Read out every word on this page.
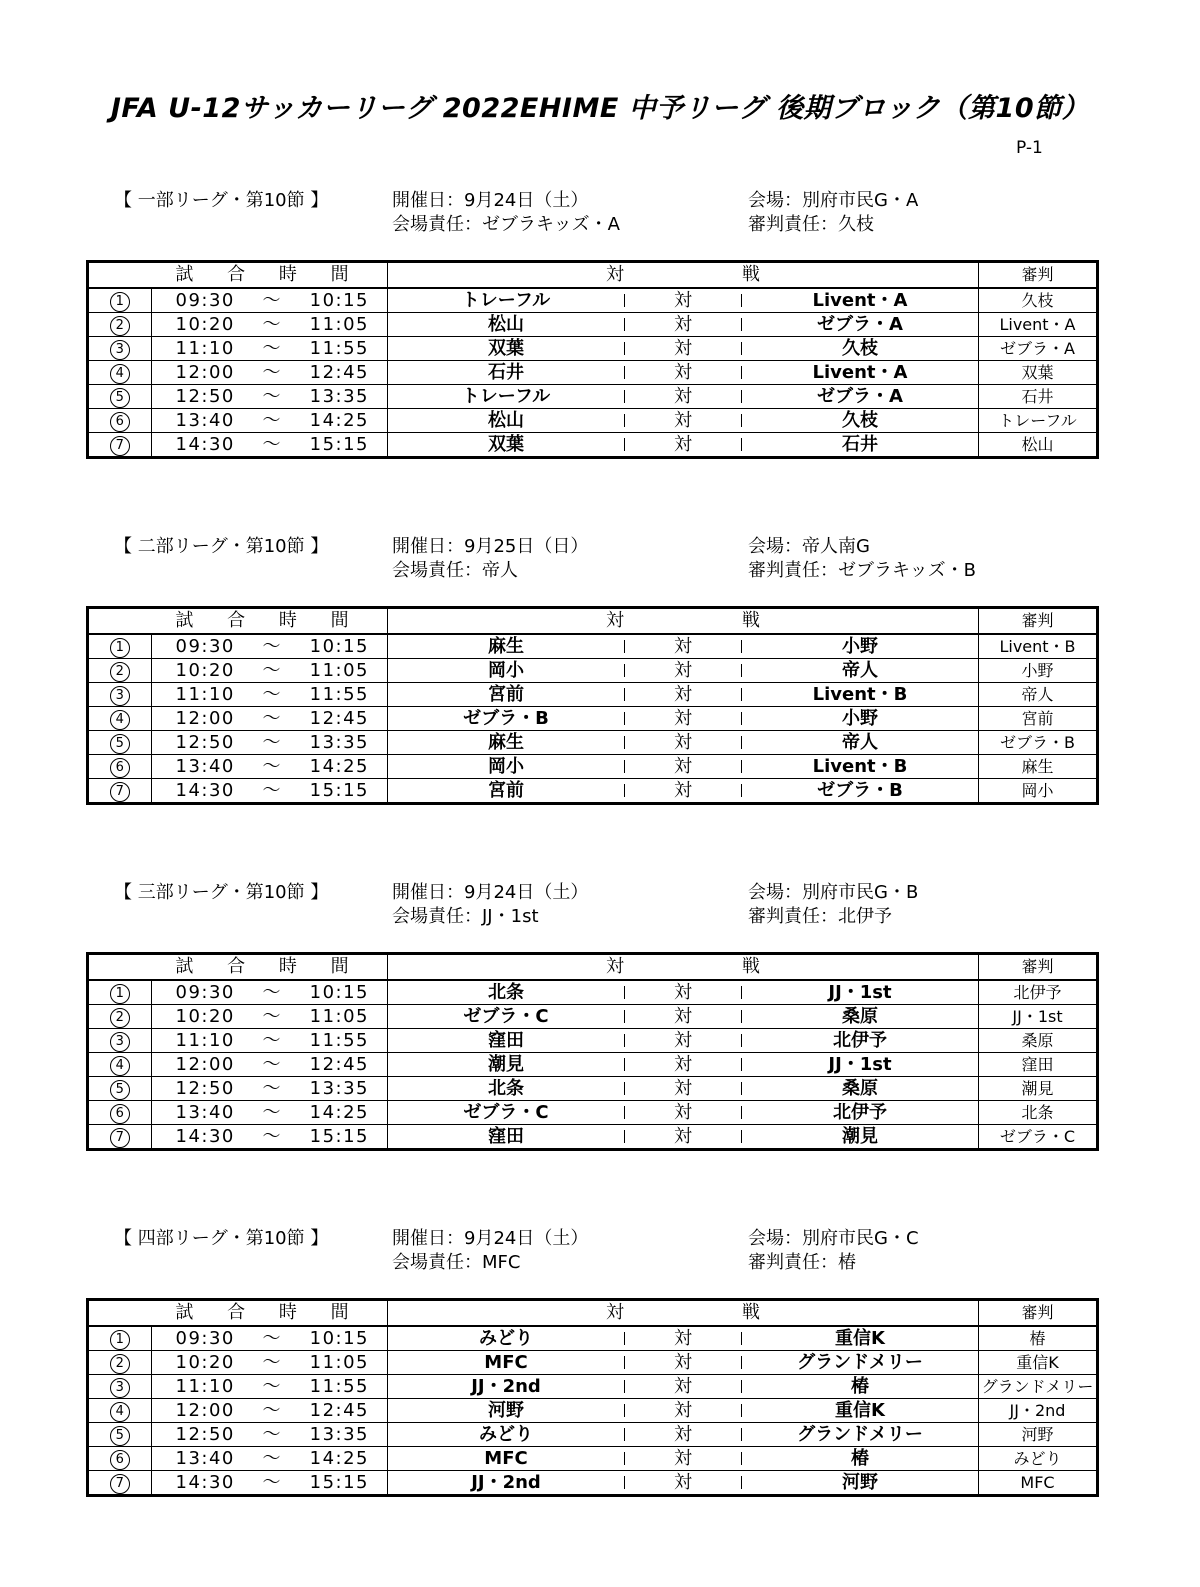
JFA U-12サッカーリーグ 2022EHIME 中予リーグ 後期ブロック（第10節）
P-1
【 一部リーグ・第10節 】	開催日：9月24日（土）	会場：別府市民G・A
会場責任：ゼブラキッズ・A	審判責任：久枝
	試 合 時 間	対		戦	審判
1	09:30 ～ 10:15	トレーフル	対	Livent・A	久枝
2	10:20 ～ 11:05	松山	対	ゼブラ・A	Livent・A
3	11:10 ～ 11:55	双葉	対	久枝	ゼブラ・A
4	12:00 ～ 12:45	石井	対	Livent・A	双葉
5	12:50 ～ 13:35	トレーフル	対	ゼブラ・A	石井
6	13:40 ～ 14:25	松山	対	久枝	トレーフル
7	14:30 ～ 15:15	双葉	対	石井	松山
【 二部リーグ・第10節 】	開催日：9月25日（日）	会場：帝人南G
会場責任：帝人	審判責任：ゼブラキッズ・B
	試 合 時 間	対		戦	審判
1	09:30 ～ 10:15	麻生	対	小野	Livent・B
2	10:20 ～ 11:05	岡小	対	帝人	小野
3	11:10 ～ 11:55	宮前	対	Livent・B	帝人
4	12:00 ～ 12:45	ゼブラ・B	対	小野	宮前
5	12:50 ～ 13:35	麻生	対	帝人	ゼブラ・B
6	13:40 ～ 14:25	岡小	対	Livent・B	麻生
7	14:30 ～ 15:15	宮前	対	ゼブラ・B	岡小
【 三部リーグ・第10節 】	開催日：9月24日（土）	会場：別府市民G・B
会場責任：JJ・1st	審判責任：北伊予
	試 合 時 間	対		戦	審判
1	09:30 ～ 10:15	北条	対	JJ・1st	北伊予
2	10:20 ～ 11:05	ゼブラ・C	対	桑原	JJ・1st
3	11:10 ～ 11:55	窪田	対	北伊予	桑原
4	12:00 ～ 12:45	潮見	対	JJ・1st	窪田
5	12:50 ～ 13:35	北条	対	桑原	潮見
6	13:40 ～ 14:25	ゼブラ・C	対	北伊予	北条
7	14:30 ～ 15:15	窪田	対	潮見	ゼブラ・C
【 四部リーグ・第10節 】	開催日：9月24日（土）	会場：別府市民G・C
会場責任：MFC	審判責任：椿
	試 合 時 間	対		戦	審判
1	09:30 ～ 10:15	みどり	対	重信K	椿
2	10:20 ～ 11:05	MFC	対	グランドメリー	重信K
3	11:10 ～ 11:55	JJ・2nd	対	椿	グランドメリー
4	12:00 ～ 12:45	河野	対	重信K	JJ・2nd
5	12:50 ～ 13:35	みどり	対	グランドメリー	河野
6	13:40 ～ 14:25	MFC	対	椿	みどり
7	14:30 ～ 15:15	JJ・2nd	対	河野	MFC
